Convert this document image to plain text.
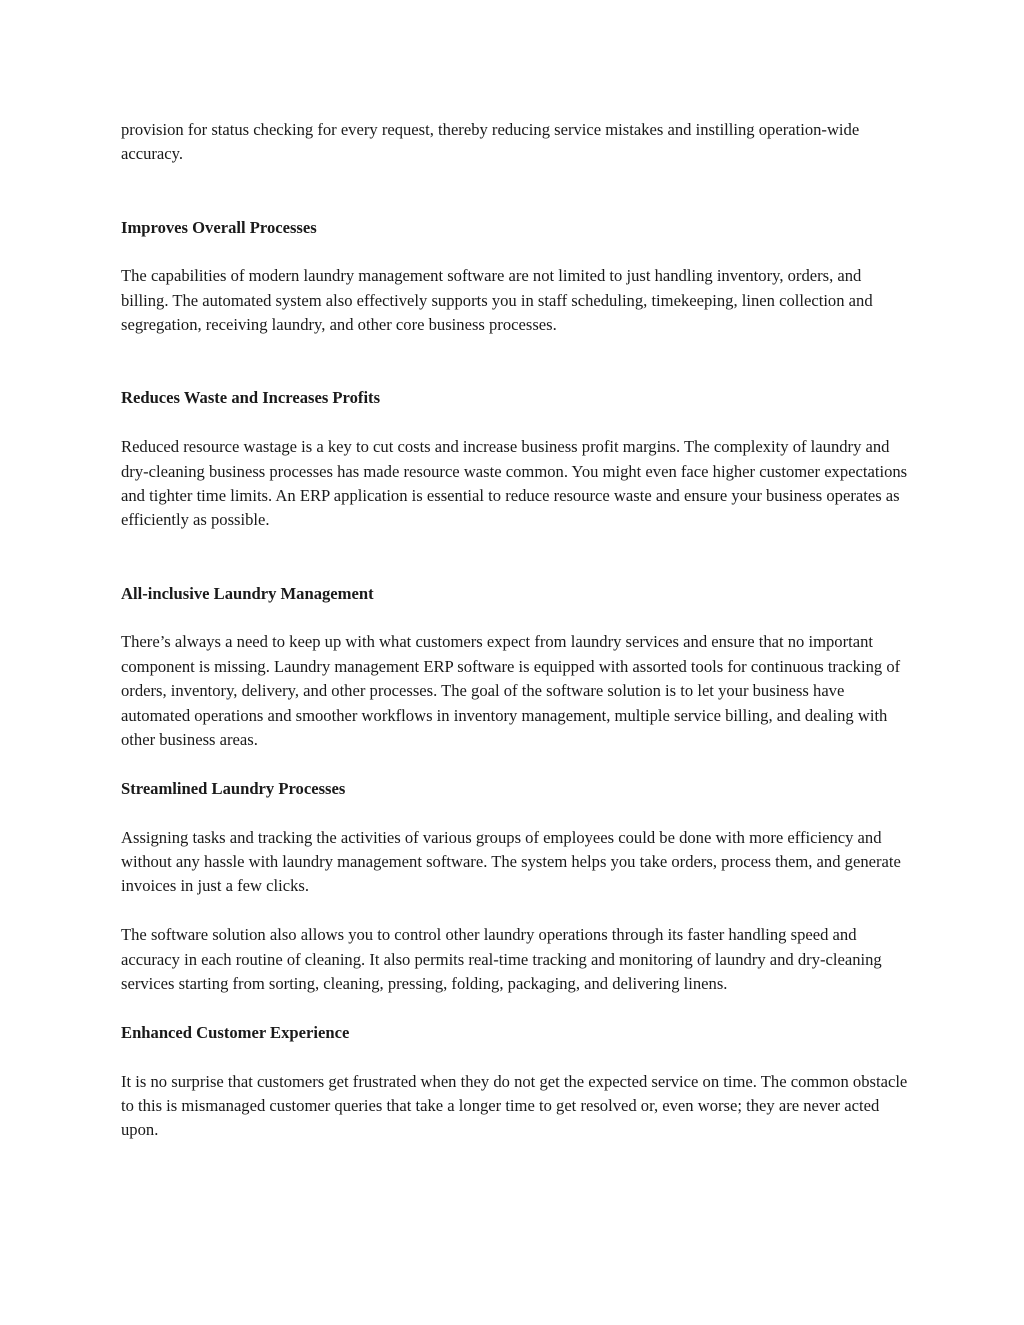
provision for status checking for every request, thereby reducing service mistakes and instilling operation-wide accuracy.

Improves Overall Processes

The capabilities of modern laundry management software are not limited to just handling inventory, orders, and billing. The automated system also effectively supports you in staff scheduling, timekeeping, linen collection and segregation, receiving laundry, and other core business processes.

Reduces Waste and Increases Profits

Reduced resource wastage is a key to cut costs and increase business profit margins. The complexity of laundry and dry-cleaning business processes has made resource waste common. You might even face higher customer expectations and tighter time limits. An ERP application is essential to reduce resource waste and ensure your business operates as efficiently as possible.

All-inclusive Laundry Management

There’s always a need to keep up with what customers expect from laundry services and ensure that no important component is missing. Laundry management ERP software is equipped with assorted tools for continuous tracking of orders, inventory, delivery, and other processes. The goal of the software solution is to let your business have automated operations and smoother workflows in inventory management, multiple service billing, and dealing with other business areas.

Streamlined Laundry Processes

Assigning tasks and tracking the activities of various groups of employees could be done with more efficiency and without any hassle with laundry management software. The system helps you take orders, process them, and generate invoices in just a few clicks.

The software solution also allows you to control other laundry operations through its faster handling speed and accuracy in each routine of cleaning. It also permits real-time tracking and monitoring of laundry and dry-cleaning services starting from sorting, cleaning, pressing, folding, packaging, and delivering linens.

Enhanced Customer Experience

It is no surprise that customers get frustrated when they do not get the expected service on time. The common obstacle to this is mismanaged customer queries that take a longer time to get resolved or, even worse; they are never acted upon.
